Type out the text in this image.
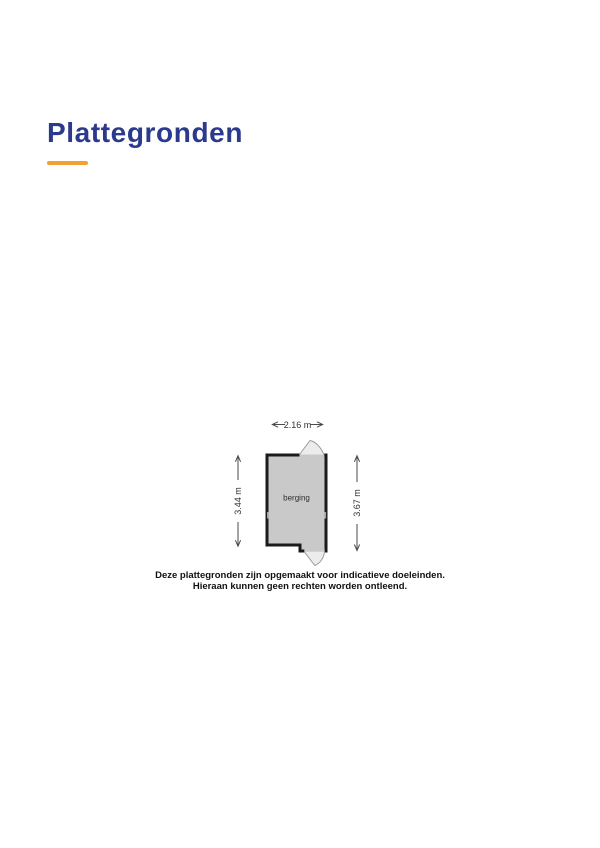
Plattegronden
2.16 m
3.44 m	3.67 m
berging
Deze plattegronden zijn opgemaakt voor indicatieve doeleinden.
Hieraan kunnen geen rechten worden ontleend.
